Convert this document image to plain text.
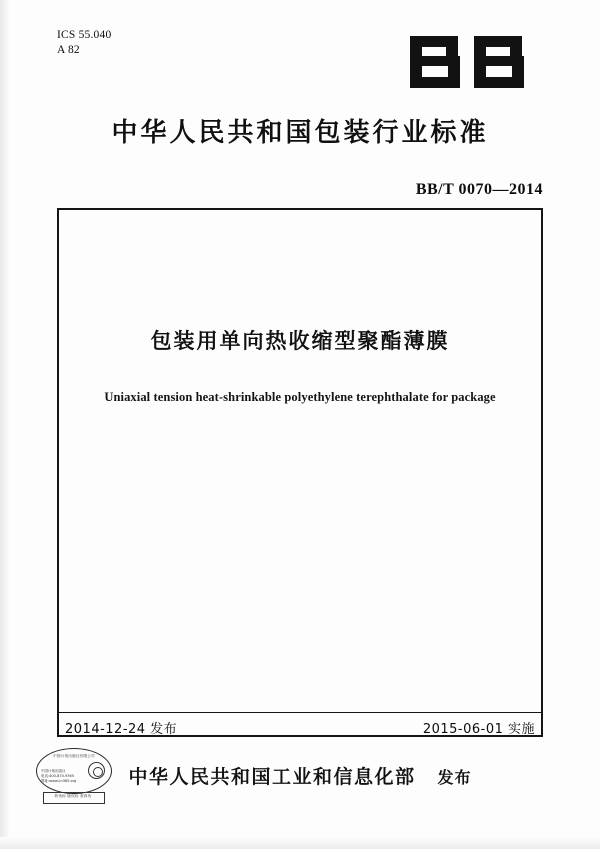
ICS 55.040
A 82
中华人民共和国包装行业标准
BB/T 0070—2014
包装用单向热收缩型聚酯薄膜
Uniaxial tension heat-shrinkable polyethylene terephthalate for package
2014-12-24 发布	2015-06-01 实施
中华人民共和国工业和信息化部 发布
中国计划出版社有限公司
中国计划出版社
电话:400-870-9365
网址:www.cn365.org
防伪标 版权标 查真伪
